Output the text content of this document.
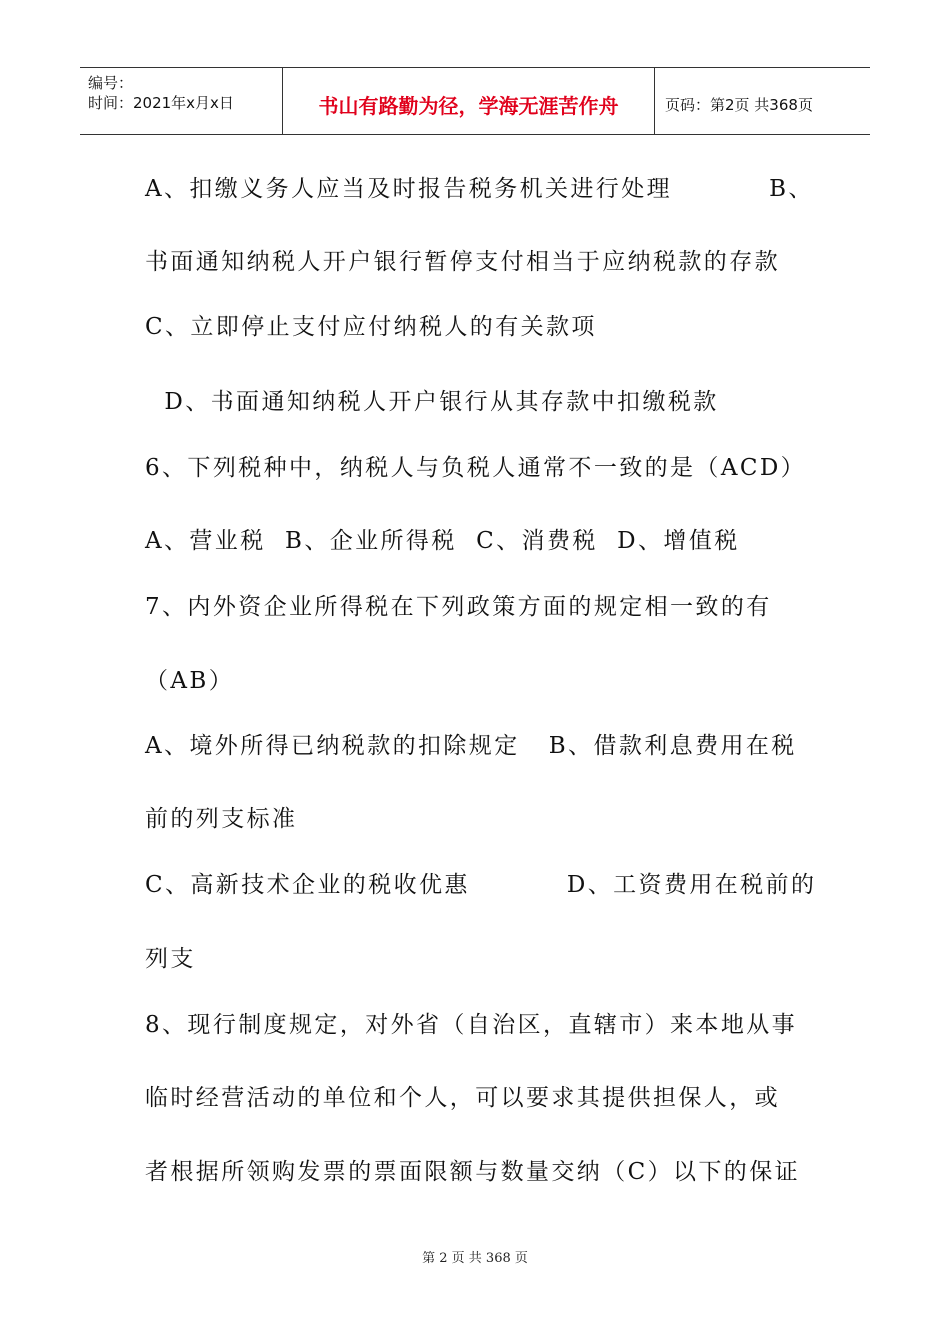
编号：
时间：2021年x月x日	书山有路勤为径，学海无涯苦作舟	页码：第2页 共368页
A、扣缴义务人应当及时报告税务机关进行处理          B、
书面通知纳税人开户银行暂停支付相当于应纳税款的存款
C、立即停止支付应付纳税人的有关款项
D、书面通知纳税人开户银行从其存款中扣缴税款
6、下列税种中，纳税人与负税人通常不一致的是（ACD）
A、营业税  B、企业所得税  C、消费税  D、增值税
7、内外资企业所得税在下列政策方面的规定相一致的有
（AB）
A、境外所得已纳税款的扣除规定   B、借款利息费用在税
前的列支标准
C、高新技术企业的税收优惠          D、工资费用在税前的
列支
8、现行制度规定，对外省（自治区，直辖市）来本地从事
临时经营活动的单位和个人，可以要求其提供担保人，或
者根据所领购发票的票面限额与数量交纳（C）以下的保证
第 2 页 共 368 页
